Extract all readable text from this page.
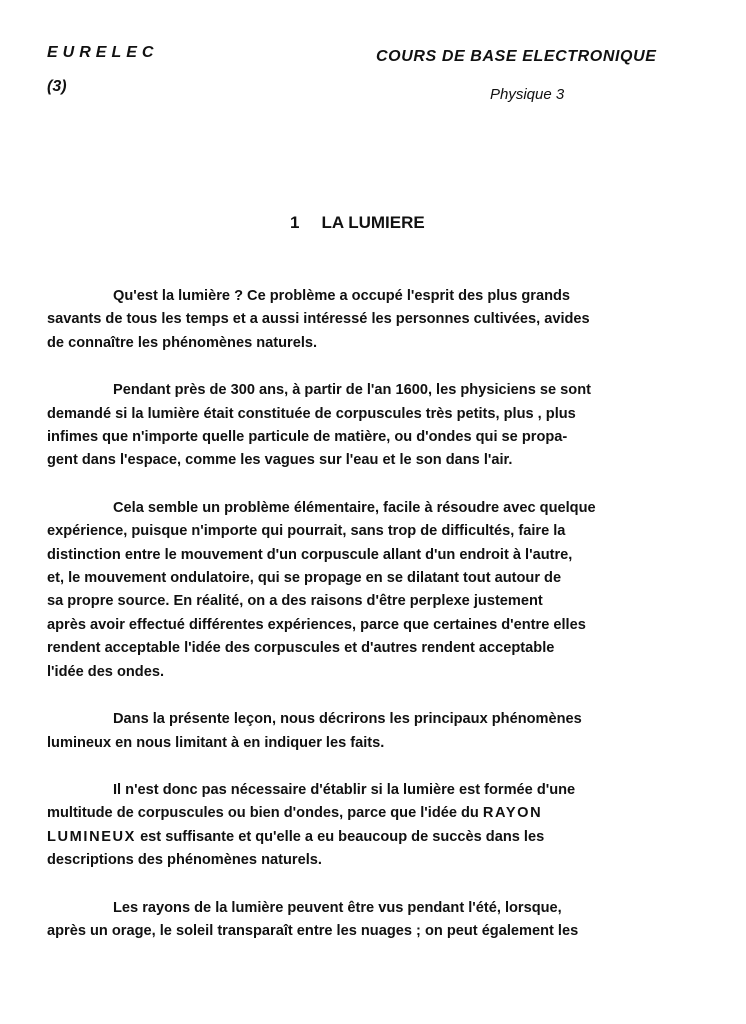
EURELEC
(3)
COURS DE BASE ELECTRONIQUE
Physique 3
1 LA LUMIERE
Qu'est la lumière ? Ce problème a occupé l'esprit des plus grands
savants de tous les temps et a aussi intéressé les personnes cultivées, avides
de connaître les phénomènes naturels.
Pendant près de 300 ans, à partir de l'an 1600, les physiciens se sont
demandé si la lumière était constituée de corpuscules très petits, plus , plus
infimes que n'importe quelle particule de matière, ou d'ondes qui se propa-
gent dans l'espace, comme les vagues sur l'eau et le son dans l'air.
Cela semble un problème élémentaire, facile à résoudre avec quelque
expérience, puisque n'importe qui pourrait, sans trop de difficultés, faire la
distinction entre le mouvement d'un corpuscule allant d'un endroit à l'autre,
et, le mouvement ondulatoire, qui se propage en se dilatant tout autour de
sa propre source. En réalité, on a des raisons d'être perplexe justement
après avoir effectué différentes expériences, parce que certaines d'entre elles
rendent acceptable l'idée des corpuscules et d'autres rendent acceptable
l'idée des ondes.
Dans la présente leçon, nous décrirons les principaux phénomènes
lumineux en nous limitant à en indiquer les faits.
Il n'est donc pas nécessaire d'établir si la lumière est formée d'une
multitude de corpuscules ou bien d'ondes, parce que l'idée du RAYON
LUMINEUX est suffisante et qu'elle a eu beaucoup de succès dans les
descriptions des phénomènes naturels.
Les rayons de la lumière peuvent être vus pendant l'été, lorsque,
après un orage, le soleil transparaît entre les nuages ; on peut également les
